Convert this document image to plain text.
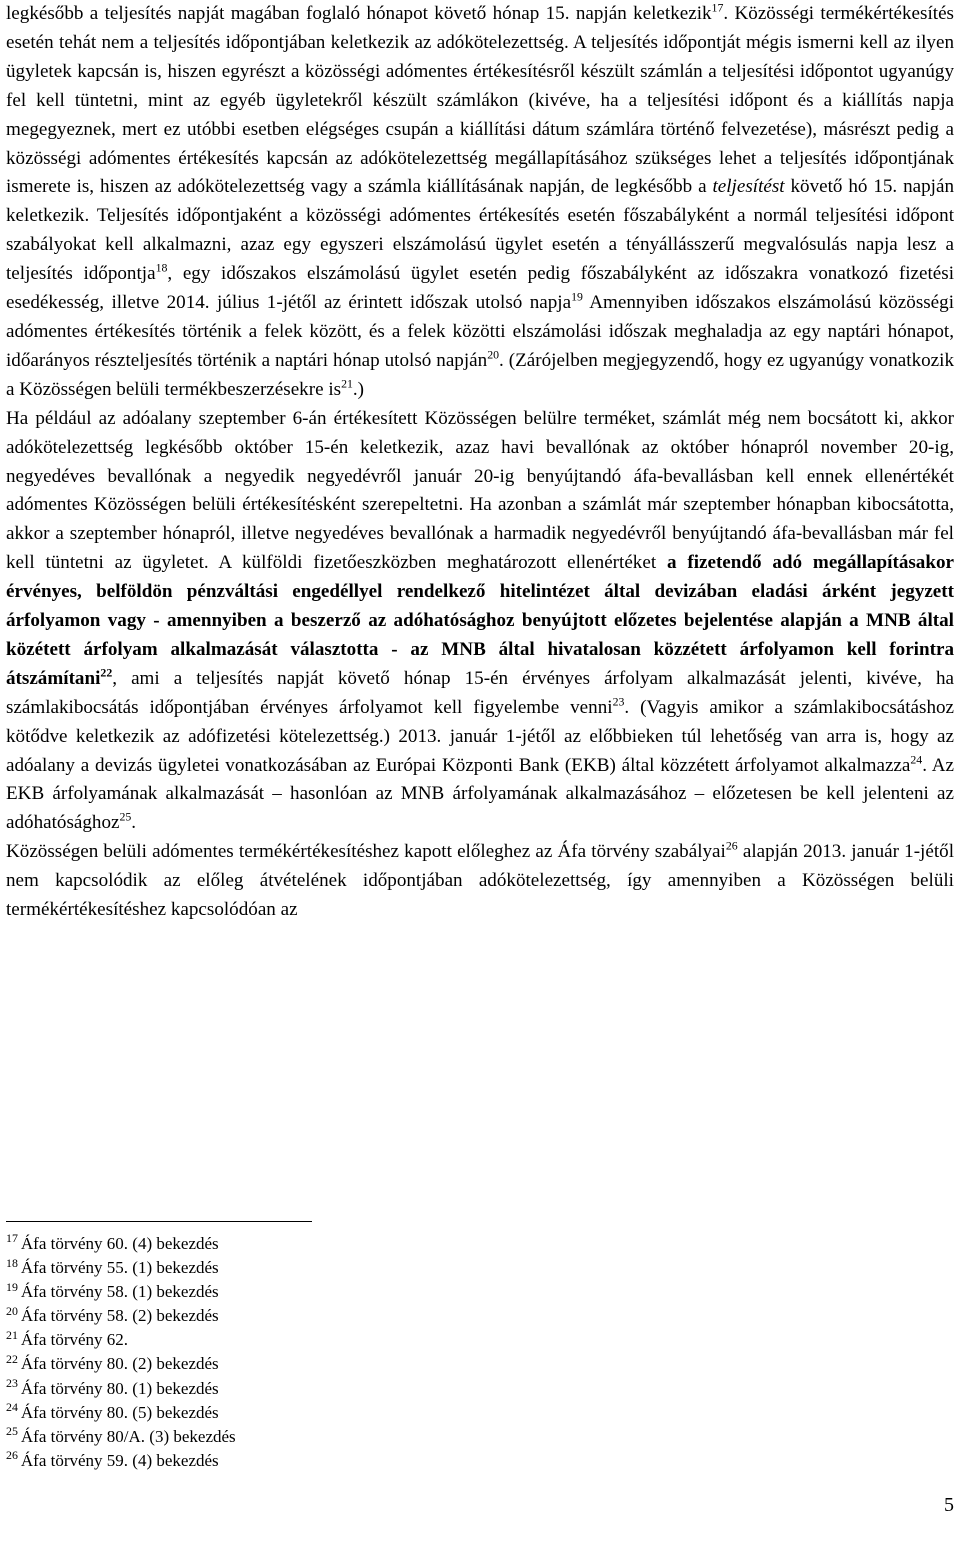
legkésőbb a teljesítés napját magában foglaló hónapot követő hónap 15. napján keletkezik$^{17}$. Közösségi termékértékesítés esetén tehát nem a teljesítés időpontjában keletkezik az adókötelezettség. A teljesítés időpontját mégis ismerni kell az ilyen ügyletek kapcsán is, hiszen egyrészt a közösségi adómentes értékesítésről készült számlán a teljesítési időpontot ugyanúgy fel kell tüntetni, mint az egyéb ügyletekről készült számlákon (kivéve, ha a teljesítési időpont és a kiállítás napja megegyeznek, mert ez utóbbi esetben elégséges csupán a kiállítási dátum számlára történő felvezetése), másrészt pedig a közösségi adómentes értékesítés kapcsán az adókötelezettség megállapításához szükséges lehet a teljesítés időpontjának ismerete is, hiszen az adókötelezettség vagy a számla kiállításának napján, de legkésőbb a teljesítést követő hó 15. napján keletkezik. Teljesítés időpontjaként a közösségi adómentes értékesítés esetén főszabályként a normál teljesítési időpont szabályokat kell alkalmazni, azaz egy egyszeri elszámolású ügylet esetén a tényállásszerű megvalósulás napja lesz a teljesítés időpontja$^{18}$, egy időszakos elszámolású ügylet esetén pedig főszabályként az időszakra vonatkozó fizetési esedékesség, illetve 2014. július 1-jétől az érintett időszak utolsó napja$^{19}$ Amennyiben időszakos elszámolású közösségi adómentes értékesítés történik a felek között, és a felek közötti elszámolási időszak meghaladja az egy naptári hónapot, időarányos részteljesítés történik a naptári hónap utolsó napján$^{20}$. (Zárójelben megjegyzendő, hogy ez ugyanúgy vonatkozik a Közösségen belüli termékbeszerzésekre $is^{21}$.)

Ha például az adóalany szeptember 6-án értékesített Közösségen belülre terméket, számlát még nem bocsátott ki, akkor adókötelezettség legkésőbb október 15-én keletkezik, azaz havi bevallónak az október hónapról november 20-ig, negyedéves bevallónak a negyedik negyedévről január 20-ig benyújtandó áfa-bevallásban kell ennek ellenértékét adómentes Közösségen belüli értékesítésként szerepeltetni. Ha azonban a számlát már szeptember hónapban kibocsátotta, akkor a szeptember hónapról, illetve negyedéves bevallónak a harmadik negyedévről benyújtandó áfa-bevallásban már fel kell tüntetni az ügyletet. A külföldi fizetőeszközben meghatározott ellenértéket a fizetendő adó megállapításakor érvényes, belföldön pénzváltási engedéllyel rendelkező hitelintézet által devizában eladási árként jegyzett árfolyamon vagy - amennyiben a beszerző az adóhatósághoz benyújtott előzetes bejelentése alapján a MNB által közétett árfolyam alkalmazását választotta - az MNB által hivatalosan közzétett árfolyamon kell forintra átszámítani$^{22}$, ami a teljesítés napját követő hónap 15-én érvényes árfolyam alkalmazását jelenti, kivéve, ha számlakibocsátás időpontjában érvényes árfolyamot kell figyelembe venni$^{23}$. (Vagyis amikor a számlakibocsátáshoz kötődve keletkezik az adófizetési kötelezettség.) 2013. január 1-jétől az előbbieken túl lehetőség van arra is, hogy az adóalany a devizás ügyletei vonatkozásában az Európai Központi Bank (EKB) által közzétett árfolyamot alkalmazza$^{24}$. Az EKB árfolyamának alkalmazását – hasonlóan az MNB árfolyamának alkalmazásához – előzetesen be kell jelenteni az adóhatósághoz$^{25}$.

Közösségen belüli adómentes termékértékesítéshez kapott előleghez az Áfa törvény szabályai$^{26}$ alapján 2013. január 1-jétől nem kapcsolódik az előleg átvételének időpontjában adókötelezettség, így amennyiben a Közösségen belüli termékértékesítéshez kapcsolódóan az

$^{17}$ Áfa törvény 60. (4) bekezdés
$^{18}$ Áfa törvény 55. (1) bekezdés
$^{19}$ Áfa törvény 58. (1) bekezdés
$^{20}$ Áfa törvény 58. (2) bekezdés
$^{21}$ Áfa törvény 62.
$^{22}$ Áfa törvény 80. (2) bekezdés
$^{23}$ Áfa törvény 80. (1) bekezdés
$^{24}$ Áfa törvény 80. (5) bekezdés
$^{25}$ Áfa törvény 80/A. (3) bekezdés
$^{26}$ Áfa törvény 59. (4) bekezdés
5
